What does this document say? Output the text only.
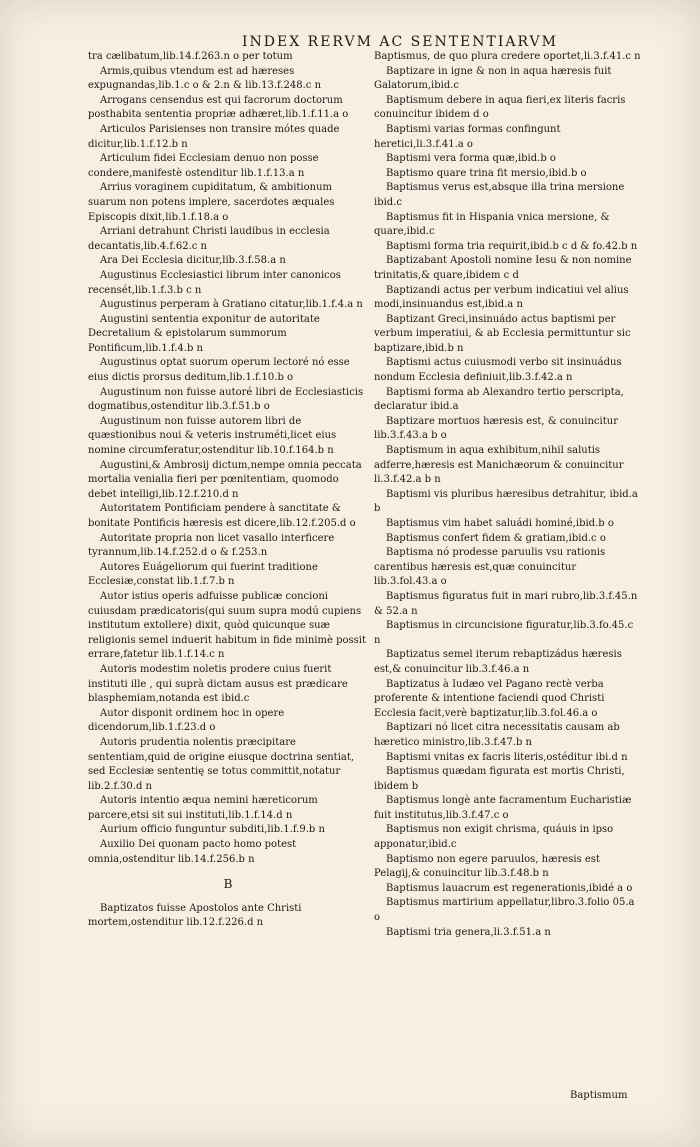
INDEX RERVM AC SENTENTIARVM

tra cælibatum,lib.14.f.263.n o per totum

Armis,quibus vtendum est ad hæreses expugnandas,lib.1.c o & 2.n & lib.13.f.248.c n

Arrogans censendus est qui facrorum doctorum posthabita sententia propriæ adhæret,lib.1.f.11.a o

Articulos Parisienses non transire mótes quade dicitur,lib.1.f.12.b n

Articulum fidei Ecclesiam denuo non posse condere,manifestè ostenditur lib.1.f.13.a n

Arrius voraginem cupiditatum, & ambitionum suarum non potens implere, sacerdotes æquales Episcopis dixit,lib.1.f.18.a o

Arriani detrahunt Christi laudibus in ecclesia decantatis,lib.4.f.62.c n

Ara Dei Ecclesia dicitur,lib.3.f.58.a n

Augustinus Ecclesiastici librum inter canonicos recensét,lib.1.f.3.b c n

Augustinus perperam à Gratiano citatur,lib.1.f.4.a n

Augustini sententia exponitur de autoritate Decretalium & epistolarum summorum Pontificum,lib.1.f.4.b n

Augustinus optat suorum operum lectoré nó esse eius dictis prorsus deditum,lib.1.f.10.b o

Augustinum non fuisse autoré libri de Ecclesiasticis dogmatibus,ostenditur lib.3.f.51.b o

Augustinum non fuisse autorem libri de quæstionibus noui & veteris instruméti,licet eius nomine circumferatur,ostenditur lib.10.f.164.b n

Augustini,& Ambrosij dictum,nempe omnia peccata mortalia venialia fieri per pœnitentiam, quomodo debet intelligi,lib.12.f.210.d n

Autoritatem Pontificiam pendere à sanctitate & bonitate Pontificis hæresis est dicere,lib.12.f.205.d o

Autoritate propria non licet vasallo interficere tyrannum,lib.14.f.252.d o & f.253.n

Autores Euágeliorum qui fuerint traditione Ecclesiæ,constat lib.1.f.7.b n

Autor istius operis adfuisse publicæ concioni cuiusdam prædicatoris(qui suum supra modú cupiens institutum extollere) dixit, quòd quicunque suæ religionis semel induerit habitum in fide minimè possit errare,fatetur lib.1.f.14.c n

Autoris modestim noletis prodere cuius fuerit instituti ille , qui suprà dictam ausus est prædicare blasphemiam,notanda est ibid.c

Autor disponit ordinem hoc in opere dicendorum,lib.1.f.23.d o

Autoris prudentia nolentis præcipitare sententiam,quid de origine eiusque doctrina sentiat, sed Ecclesiæ sententię se totus committit,notatur lib.2.f.30.d n

Autoris intentio æqua nemini hæreticorum parcere,etsi sit sui instituti,lib.1.f.14.d n

Aurium officio funguntur subditi,lib.1.f.9.b n

Auxilio Dei quonam pacto homo potest omnia,ostenditur lib.14.f.256.b n

B

Baptizatos fuisse Apostolos ante Christi mortem,ostenditur lib.12.f.226.d n

Baptismus, de quo plura credere oportet,li.3.f.41.c n

Baptizare in igne & non in aqua hæresis fuit Galatorum,ibid.c

Baptismum debere in aqua fieri,ex literis facris conuincitur ibidem d o

Baptismi varias formas confingunt heretici,li.3.f.41.a o

Baptismi vera forma quæ,ibid.b o

Baptismo quare trina fit mersio,ibid.b o

Baptismus verus est,absque illa trina mersione ibid.c

Baptismus fit in Hispania vnica mersione, & quare,ibid.c

Baptismi forma tria requirit,ibid.b c d & fo.42.b n

Baptizabant Apostoli nomine Iesu & non nomine trinitatis,& quare,ibidem c d

Baptizandi actus per verbum indicatiui vel alius modi,insinuandus est,ibid.a n

Baptizant Greci,insinuádo actus baptismi per verbum imperatiui, & ab Ecclesia permittuntur sic baptizare,ibid.b n

Baptismi actus cuiusmodi verbo sit insinuádus nondum Ecclesia definiuit,lib.3.f.42.a n

Baptismi forma ab Alexandro tertio perscripta, declaratur ibid.a

Baptizare mortuos hæresis est, & conuincitur lib.3.f.43.a b o

Baptismum in aqua exhibitum,nihil salutis adferre,hæresis est Manichæorum & conuincitur li.3.f.42.a b n

Baptismi vis pluribus hæresibus detrahitur, ibid.a b

Baptismus vim habet saluádi hominé,ibid.b o

Baptismus confert fidem & gratiam,ibid.c o

Baptisma nó prodesse paruulis vsu rationis carentibus hæresis est,quæ conuincitur lib.3.fol.43.a o

Baptismus figuratus fuit in mari rubro,lib.3.f.45.n & 52.a n

Baptismus in circuncisione figuratur,lib.3.fo.45.c n

Baptizatus semel iterum rebaptizádus hæresis est,& conuincitur lib.3.f.46.a n

Baptizatus à Iudæo vel Pagano rectè verba proferente & intentione faciendi quod Christi Ecclesia facit,verè baptizatur,lib.3.fol.46.a o

Baptizari nó licet citra necessitatis causam ab hæretico ministro,lib.3.f.47.b n

Baptismi vnitas ex facris literis,ostéditur ibi.d n

Baptismus quædam figurata est mortis Christi, ibidem b

Baptismus longè ante facramentum Eucharistiæ fuit institutus,lib.3.f.47.c o

Baptismus non exigit chrisma, quáuis in ipso apponatur,ibid.c

Baptismo non egere paruulos, hæresis est Pelagij,& conuincitur lib.3.f.48.b n

Baptismus lauacrum est regenerationis,ibidé a o

Baptismus martirium appellatur,libro.3.folio 05.a o

Baptismi tria genera,li.3.f.51.a n

Baptismum
